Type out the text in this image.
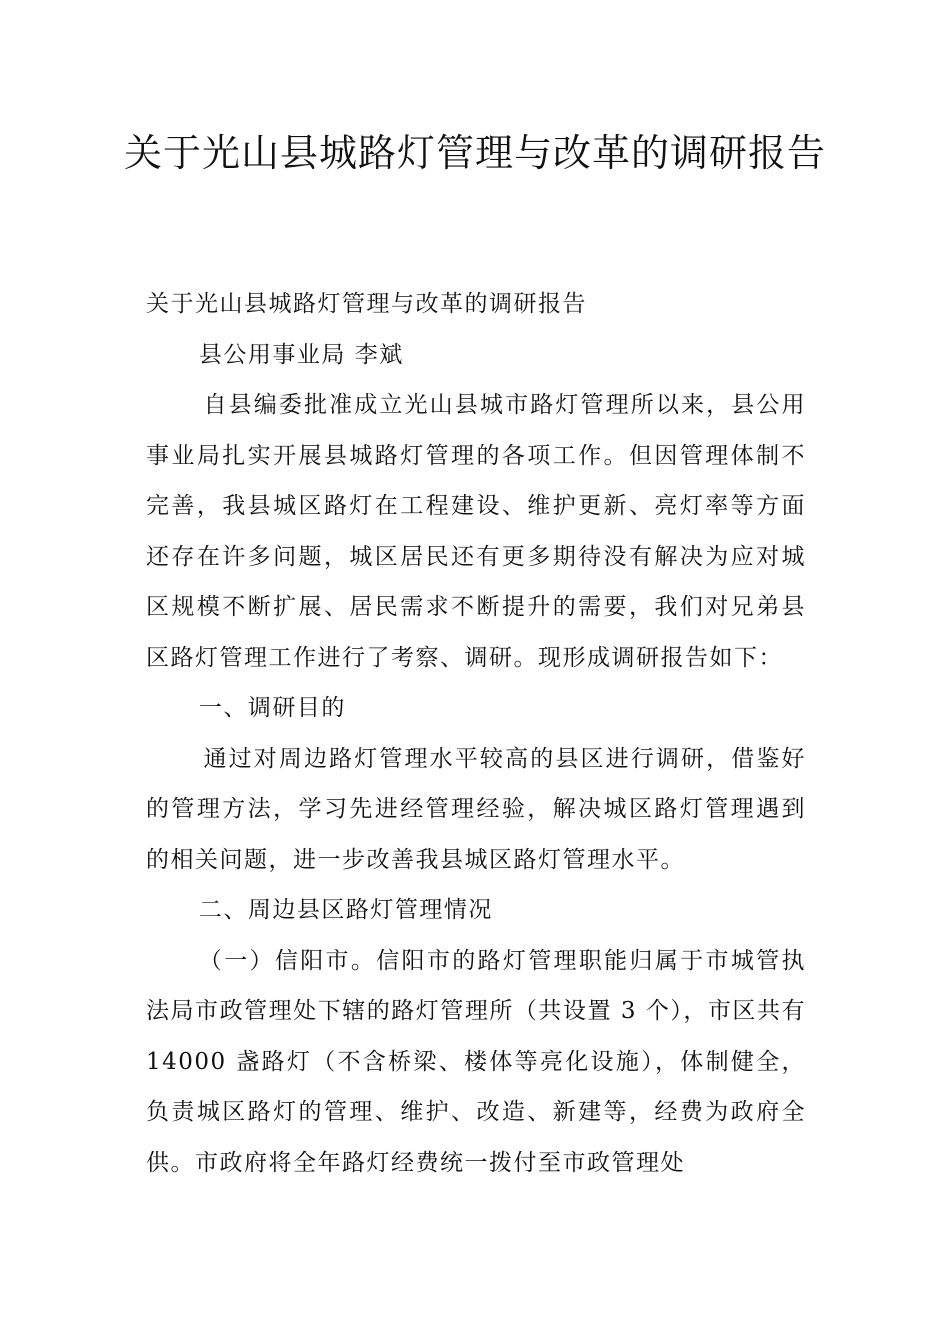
关于光山县城路灯管理与改革的调研报告

关于光山县城路灯管理与改革的调研报告

县公用事业局 李斌

自县编委批准成立光山县城市路灯管理所以来，县公用事业局扎实开展县城路灯管理的各项工作。但因管理体制不完善，我县城区路灯在工程建设、维护更新、亮灯率等方面还存在许多问题，城区居民还有更多期待没有解决为应对城区规模不断扩展、居民需求不断提升的需要，我们对兄弟县区路灯管理工作进行了考察、调研。现形成调研报告如下：

一、调研目的

通过对周边路灯管理水平较高的县区进行调研，借鉴好的管理方法，学习先进经管理经验，解决城区路灯管理遇到的相关问题，进一步改善我县城区路灯管理水平。

二、周边县区路灯管理情况

（一）信阳市。信阳市的路灯管理职能归属于市城管执法局市政管理处下辖的路灯管理所（共设置 3 个），市区共有 14000 盏路灯（不含桥梁、楼体等亮化设施），体制健全，负责城区路灯的管理、维护、改造、新建等，经费为政府全供。市政府将全年路灯经费统一拨付至市政管理处
